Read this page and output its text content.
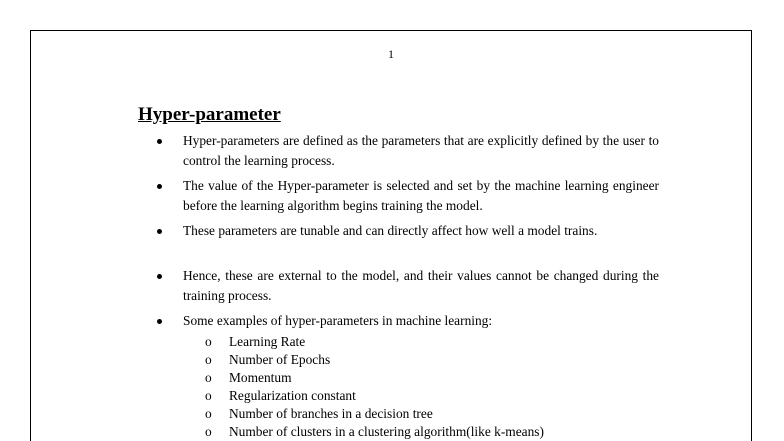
1
Hyper-parameter
Hyper-parameters are defined as the parameters that are explicitly defined by the user to control the learning process.
The value of the Hyper-parameter is selected and set by the machine learning engineer before the learning algorithm begins training the model.
These parameters are tunable and can directly affect how well a model trains.
Hence, these are external to the model, and their values cannot be changed during the training process.
Some examples of hyper-parameters in machine learning:
o Learning Rate
o Number of Epochs
o Momentum
o Regularization constant
o Number of branches in a decision tree
o Number of clusters in a clustering algorithm(like k-means)
